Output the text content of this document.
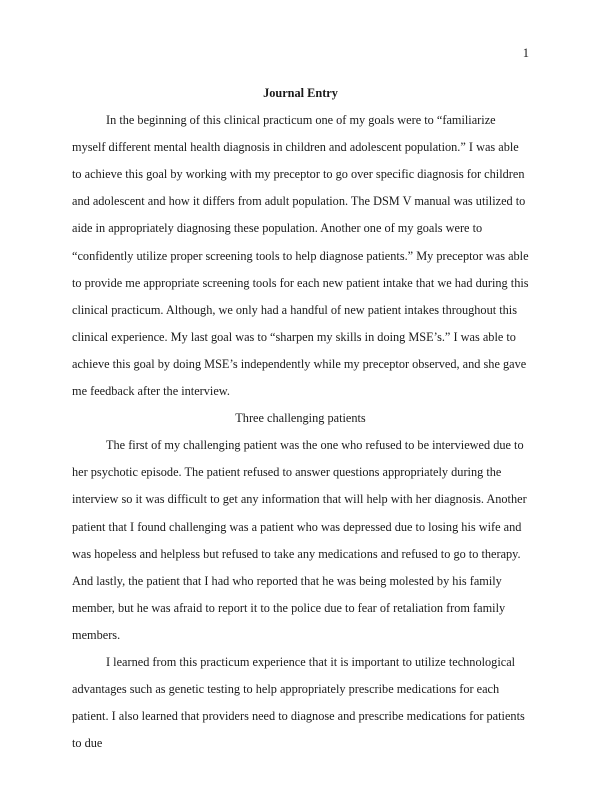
1

Journal Entry

In the beginning of this clinical practicum one of my goals were to “familiarize myself different mental health diagnosis in children and adolescent population.” I was able to achieve this goal by working with my preceptor to go over specific diagnosis for children and adolescent and how it differs from adult population. The DSM V manual was utilized to aide in appropriately diagnosing these population. Another one of my goals were to “confidently utilize proper screening tools to help diagnose patients.” My preceptor was able to provide me appropriate screening tools for each new patient intake that we had during this clinical practicum. Although, we only had a handful of new patient intakes throughout this clinical experience. My last goal was to “sharpen my skills in doing MSE’s.” I was able to achieve this goal by doing MSE’s independently while my preceptor observed, and she gave me feedback after the interview.

Three challenging patients

The first of my challenging patient was the one who refused to be interviewed due to her psychotic episode. The patient refused to answer questions appropriately during the interview so it was difficult to get any information that will help with her diagnosis. Another patient that I found challenging was a patient who was depressed due to losing his wife and was hopeless and helpless but refused to take any medications and refused to go to therapy. And lastly, the patient that I had who reported that he was being molested by his family member, but he was afraid to report it to the police due to fear of retaliation from family members.

I learned from this practicum experience that it is important to utilize technological advantages such as genetic testing to help appropriately prescribe medications for each patient. I also learned that providers need to diagnose and prescribe medications for patients to due
